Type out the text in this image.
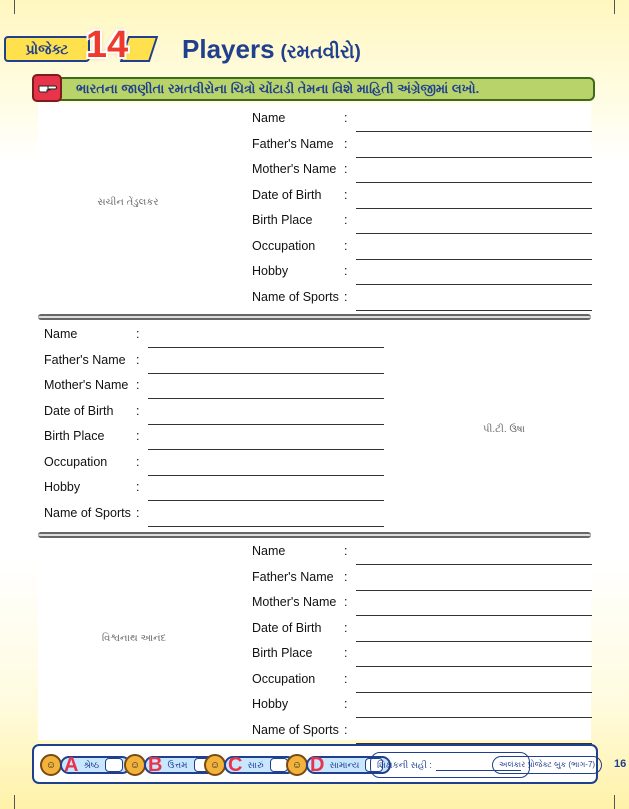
પ્રોજેક્ટ 14 Players (રમતવીરો)
ભારતના જાણીતા રમતવીરોના ચિત્રો ચોંટાડી તેમના વિશે માહિતી અંગ્રેજીમાં લખો.
સચીન તેંડુલકર
પી.ટી. ઉષા
વિશ્વનાથ આનંદ
Name	:
Father's Name :
Mother's Name :
Date of Birth :
Birth Place	:
Occupation :
Hobby	:
Name of Sports :
Name	:
Father's Name :
Mother's Name :
Date of Birth :
Birth Place	:
Occupation :
Hobby	:
Name of Sports :
Name	:
Father's Name :
Mother's Name :
Date of Birth :
Birth Place	:
Occupation :
Hobby	:
Name of Sports :
☺ A શ્રેષ્ઠ	☺ B ઉત્તમ	☺ C સારું	☺ D સામાન્ય શિક્ષકની સહી :	અલંકાર પ્રોજેક્ટ બુક (ભાગ-7)	16
